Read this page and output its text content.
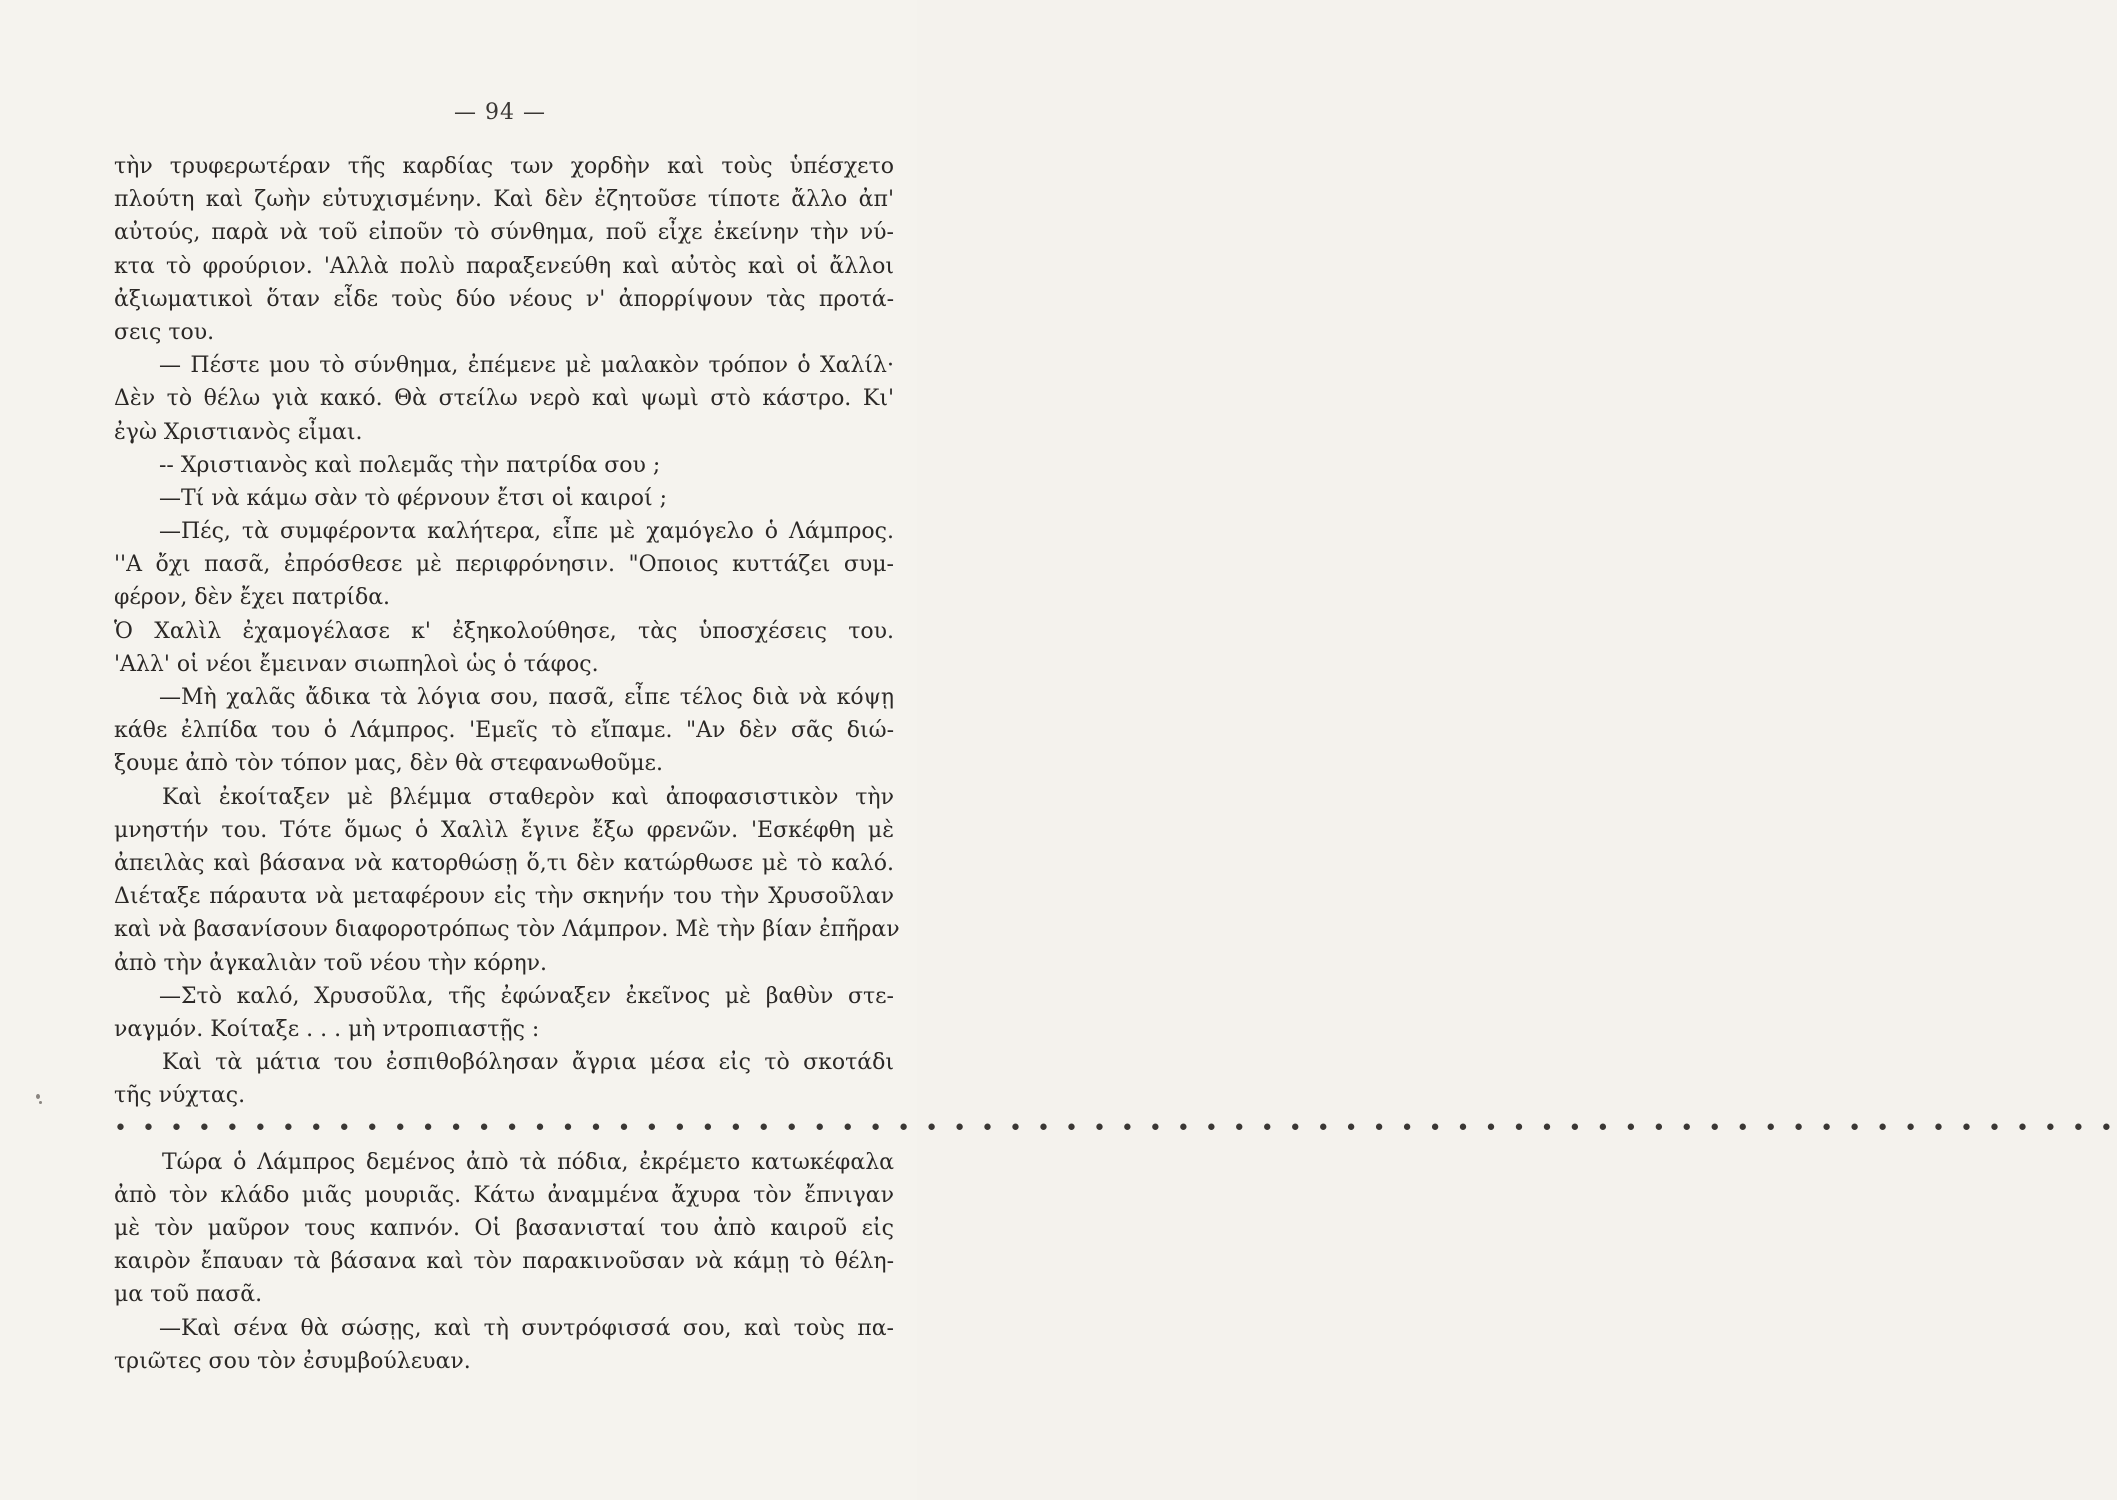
— 94 —
τὴν τρυφερωτέραν τῆς καρδίας των χορδὴν καὶ τοὺς ὑπέσχετο
πλούτη καὶ ζωὴν εὐτυχισμένην. Καὶ δὲν ἐζητοῦσε τίποτε ἄλλο ἀπ'
αὐτούς, παρὰ νὰ τοῦ εἰποῦν τὸ σύνθημα, ποῦ εἶχε ἐκείνην τὴν νύ-
κτα τὸ φρούριον. 'Αλλὰ πολὺ παραξενεύθη καὶ αὐτὸς καὶ οἱ ἄλλοι
ἀξιωματικοὶ ὅταν εἶδε τοὺς δύο νέους ν' ἀπορρίψουν τὰς προτά-
σεις του.
— Πέστε μου τὸ σύνθημα, ἐπέμενε μὲ μαλακὸν τρόπον ὁ Χαλίλ·
Δὲν τὸ θέλω γιὰ κακό. Θὰ στείλω νερὸ καὶ ψωμὶ στὸ κάστρο. Κι'
ἐγὼ Χριστιανὸς εἶμαι.
-- Χριστιανὸς καὶ πολεμᾶς τὴν πατρίδα σου ;
—Τί νὰ κάμω σὰν τὸ φέρνουν ἔτσι οἱ καιροί ;
—Πές, τὰ συμφέροντα καλήτερα, εἶπε μὲ χαμόγελο ὁ Λάμπρος.
''Α ὄχι πασᾶ, ἐπρόσθεσε μὲ περιφρόνησιν. "Οποιος κυττάζει συμ-
φέρον, δὲν ἔχει πατρίδα.
Ὁ Χαλὶλ ἐχαμογέλασε κ' ἐξηκολούθησε, τὰς ὑποσχέσεις του.
'Αλλ' οἱ νέοι ἔμειναν σιωπηλοὶ ὡς ὁ τάφος.
—Μὴ χαλᾶς ἄδικα τὰ λόγια σου, πασᾶ, εἶπε τέλος διὰ νὰ κόψῃ
κάθε ἐλπίδα του ὁ Λάμπρος. 'Εμεῖς τὸ εἴπαμε. "Αν δὲν σᾶς διώ-
ξουμε ἀπὸ τὸν τόπον μας, δὲν θὰ στεφανωθοῦμε.
Καὶ ἐκοίταξεν μὲ βλέμμα σταθερὸν καὶ ἀποφασιστικὸν τὴν
μνηστήν του. Τότε ὅμως ὁ Χαλὶλ ἔγινε ἔξω φρενῶν. 'Εσκέφθη μὲ
ἀπειλὰς καὶ βάσανα νὰ κατορθώσῃ ὅ,τι δὲν κατώρθωσε μὲ τὸ καλό.
Διέταξε πάραυτα νὰ μεταφέρουν εἰς τὴν σκηνήν του τὴν Χρυσοῦλαν
καὶ νὰ βασανίσουν διαφοροτρόπως τὸν Λάμπρον. Μὲ τὴν βίαν ἐπῆραν
ἀπὸ τὴν ἀγκαλιὰν τοῦ νέου τὴν κόρην.
—Στὸ καλό, Χρυσοῦλα, τῆς ἐφώναξεν ἐκεῖνος μὲ βαθὺν στε-
ναγμόν. Κοίταξε . . . μὴ ντροπιαστῇς :
Καὶ τὰ μάτια του ἐσπιθοβόλησαν ἄγρια μέσα εἰς τὸ σκοτάδι
τῆς νύχτας.
• • • • • • • • • • • • • • • • • • • • • • • • • • • • • • • • • • • • • • • • • • • • • • • • • • • • • • • • • • • • • • • • • • • • • • • •
Τώρα ὁ Λάμπρος δεμένος ἀπὸ τὰ πόδια, ἐκρέμετο κατωκέφαλα
ἀπὸ τὸν κλάδο μιᾶς μουριᾶς. Κάτω ἀναμμένα ἄχυρα τὸν ἔπνιγαν
μὲ τὸν μαῦρον τους καπνόν. Οἱ βασανισταί του ἀπὸ καιροῦ εἰς
καιρὸν ἔπαυαν τὰ βάσανα καὶ τὸν παρακινοῦσαν νὰ κάμῃ τὸ θέλη-
μα τοῦ πασᾶ.
—Καὶ σένα θὰ σώσῃς, καὶ τὴ συντρόφισσά σου, καὶ τοὺς πα-
τριῶτες σου τὸν ἐσυμβούλευαν.
